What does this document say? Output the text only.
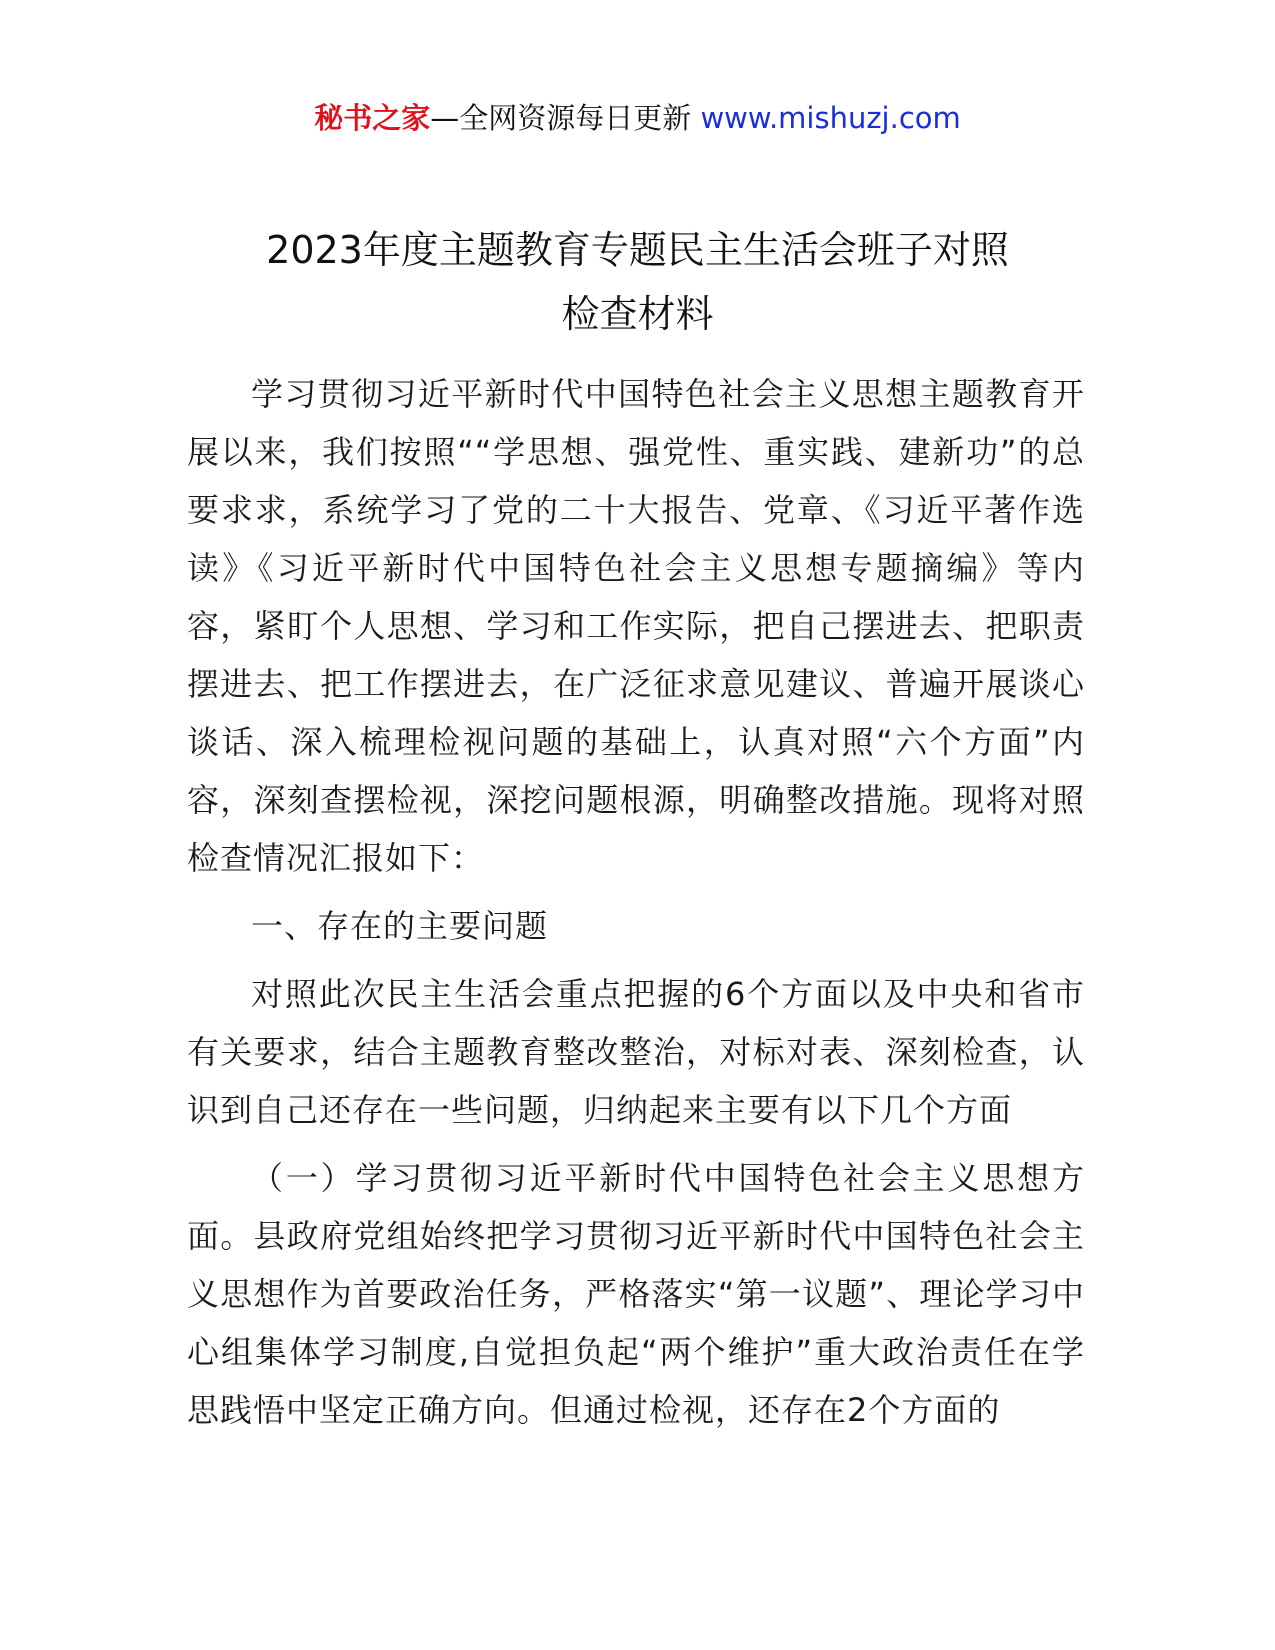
秘书之家—全网资源每日更新 www.mishuzj.com
2023年度主题教育专题民主生活会班子对照
检查材料

学习贯彻习近平新时代中国特色社会主义思想主题教育开展以来，我们按照““学思想、强党性、重实践、建新功”的总要求求，系统学习了党的二十大报告、党章、《习近平著作选读》《习近平新时代中国特色社会主义思想专题摘编》等内容，紧盯个人思想、学习和工作实际，把自己摆进去、把职责摆进去、把工作摆进去，在广泛征求意见建议、普遍开展谈心谈话、深入梳理检视问题的基础上，认真对照“六个方面”内容，深刻查摆检视，深挖问题根源，明确整改措施。现将对照检查情况汇报如下：

一、存在的主要问题

对照此次民主生活会重点把握的6个方面以及中央和省市有关要求，结合主题教育整改整治，对标对表、深刻检查，认识到自己还存在一些问题，归纳起来主要有以下几个方面

（一）学习贯彻习近平新时代中国特色社会主义思想方面。县政府党组始终把学习贯彻习近平新时代中国特色社会主义思想作为首要政治任务，严格落实“第一议题”、理论学习中心组集体学习制度,自觉担负起“两个维护”重大政治责任在学思践悟中坚定正确方向。但通过检视，还存在2个方面的
